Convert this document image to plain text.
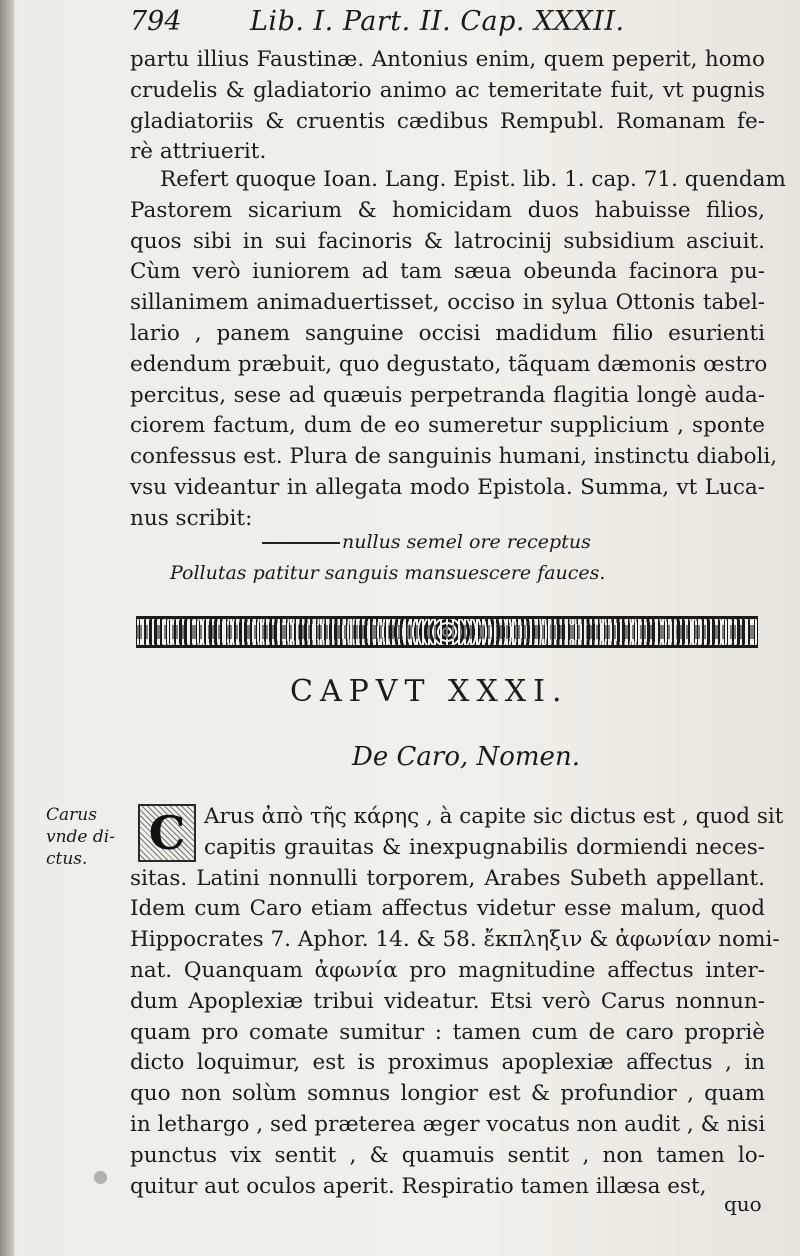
794	Lib. I. Part. II. Cap. XXXII.
partu illius Faustinæ. Antonius enim, quem peperit, homo
crudelis & gladiatorio animo ac temeritate fuit, vt pugnis
gladiatoriis & cruentis cædibus Rempubl. Romanam fe-
rè attriuerit.
Refert quoque Ioan. Lang. Epist. lib. 1. cap. 71. quendam
Pastorem sicarium & homicidam duos habuisse filios,
quos sibi in sui facinoris & latrocinij subsidium asciuit.
Cùm verò iuniorem ad tam sæua obeunda facinora pu-
sillanimem animaduertisset, occiso in sylua Ottonis tabel-
lario , panem sanguine occisi madidum filio esurienti
edendum præbuit, quo degustato, tãquam dæmonis œstro
percitus, sese ad quæuis perpetranda flagitia longè auda-
ciorem factum, dum de eo sumeretur supplicium , sponte
confessus est. Plura de sanguinis humani, instinctu diaboli,
vsu videantur in allegata modo Epistola. Summa, vt Luca-
nus scribit:
nullus semel ore receptus
Pollutas patitur sanguis mansuescere fauces.
CAPVT XXXI.
De Caro, Nomen.
Carus
vnde di-
ctus.	C Arus ἀπὸ τῆς κάρης , à capite sic dictus est , quod sit
capitis grauitas & inexpugnabilis dormiendi neces-
sitas. Latini nonnulli torporem, Arabes Subeth appellant.
Idem cum Caro etiam affectus videtur esse malum, quod
Hippocrates 7. Aphor. 14. & 58. ἔκπληξιν & ἀφωνίαν nomi-
nat. Quanquam ἀφωνία pro magnitudine affectus inter-
dum Apoplexiæ tribui videatur. Etsi verò Carus nonnun-
quam pro comate sumitur : tamen cum de caro propriè
dicto loquimur, est is proximus apoplexiæ affectus , in
quo non solùm somnus longior est & profundior , quam
in lethargo , sed præterea æger vocatus non audit , & nisi
punctus vix sentit , & quamuis sentit , non tamen lo-
quitur aut oculos aperit. Respiratio tamen illæsa est,
quo
